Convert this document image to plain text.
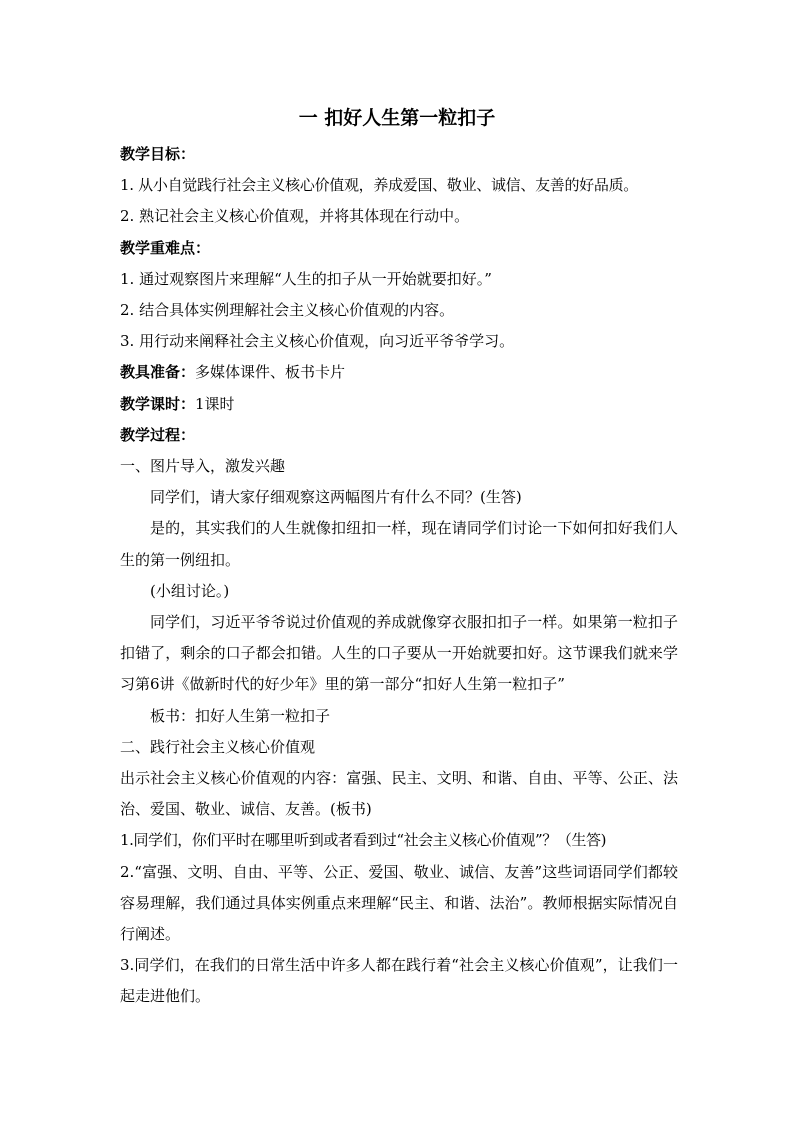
一 扣好人生第一粒扣子

教学目标：

1. 从小自觉践行社会主义核心价值观，养成爱国、敬业、诚信、友善的好品质。

2. 熟记社会主义核心价值观，并将其体现在行动中。

教学重难点：

1. 通过观察图片来理解“人生的扣子从一开始就要扣好。”

2. 结合具体实例理解社会主义核心价值观的内容。

3. 用行动来阐释社会主义核心价值观，向习近平爷爷学习。

教具准备：多媒体课件、板书卡片

教学课时：1课时

教学过程：

一、图片导入，激发兴趣

同学们，请大家仔细观察这两幅图片有什么不同？(生答)

是的，其实我们的人生就像扣纽扣一样，现在请同学们讨论一下如何扣好我们人生的第一例纽扣。

(小组讨论。)

同学们，习近平爷爷说过价值观的养成就像穿衣服扣扣子一样。如果第一粒扣子扣错了，剩余的口子都会扣错。人生的口子要从一开始就要扣好。这节课我们就来学习第6讲《做新时代的好少年》里的第一部分“扣好人生第一粒扣子”

板书：扣好人生第一粒扣子

二、践行社会主义核心价值观

出示社会主义核心价值观的内容：富强、民主、文明、和谐、自由、平等、公正、法治、爱国、敬业、诚信、友善。(板书)

1.同学们，你们平时在哪里听到或者看到过“社会主义核心价值观”？（生答)

2.“富强、文明、自由、平等、公正、爱国、敬业、诚信、友善”这些词语同学们都较容易理解，我们通过具体实例重点来理解“民主、和谐、法治”。教师根据实际情况自行阐述。

3.同学们，在我们的日常生活中许多人都在践行着“社会主义核心价值观”，让我们一起走进他们。
